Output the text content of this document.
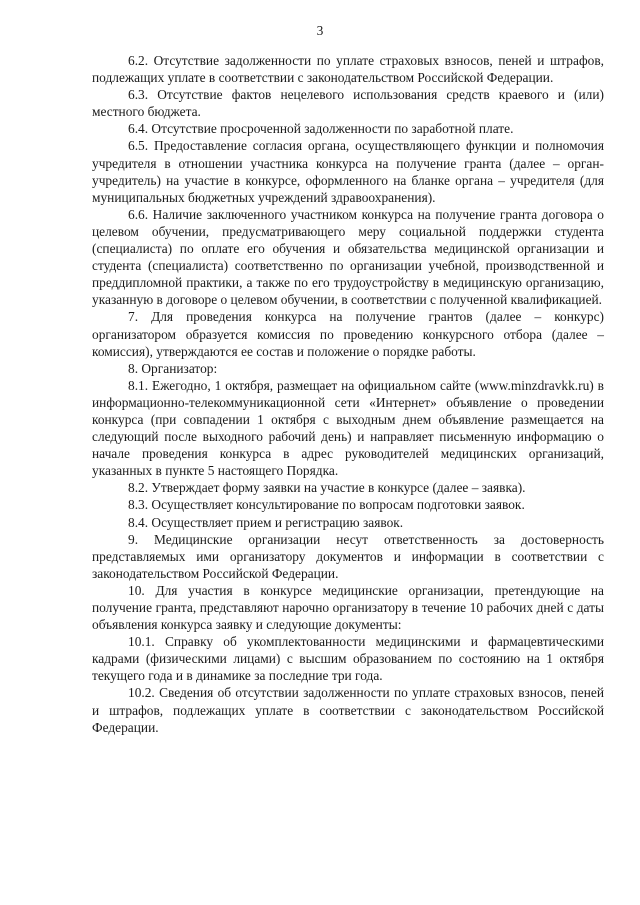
3

6.2. Отсутствие задолженности по уплате страховых взносов, пеней и штрафов, подлежащих уплате в соответствии с законодательством Российской Федерации.

6.3. Отсутствие фактов нецелевого использования средств краевого и (или) местного бюджета.

6.4. Отсутствие просроченной задолженности по заработной плате.

6.5. Предоставление согласия органа, осуществляющего функции и полномочия учредителя в отношении участника конкурса на получение гранта (далее – орган-учредитель) на участие в конкурсе, оформленного на бланке органа – учредителя (для муниципальных бюджетных учреждений здравоохранения).

6.6. Наличие заключенного участником конкурса на получение гранта договора о целевом обучении, предусматривающего меру социальной поддержки студента (специалиста) по оплате его обучения и обязательства медицинской организации и студента (специалиста) соответственно по организации учебной, производственной и преддипломной практики, а также по его трудоустройству в медицинскую организацию, указанную в договоре о целевом обучении, в соответствии с полученной квалификацией.

7. Для проведения конкурса на получение грантов (далее – конкурс) организатором образуется комиссия по проведению конкурсного отбора (далее – комиссия), утверждаются ее состав и положение о порядке работы.

8. Организатор:

8.1. Ежегодно, 1 октября, размещает на официальном сайте (www.minzdravkk.ru) в информационно-телекоммуникационной сети «Интернет» объявление о проведении конкурса (при совпадении 1 октября с выходным днем объявление размещается на следующий после выходного рабочий день) и направляет письменную информацию о начале проведения конкурса в адрес руководителей медицинских организаций, указанных в пункте 5 настоящего Порядка.

8.2. Утверждает форму заявки на участие в конкурсе (далее – заявка).

8.3. Осуществляет консультирование по вопросам подготовки заявок.

8.4. Осуществляет прием и регистрацию заявок.

9. Медицинские организации несут ответственность за достоверность представляемых ими организатору документов и информации в соответствии с законодательством Российской Федерации.

10. Для участия в конкурсе медицинские организации, претендующие на получение гранта, представляют нарочно организатору в течение 10 рабочих дней с даты объявления конкурса заявку и следующие документы:

10.1. Справку об укомплектованности медицинскими и фармацевтическими кадрами (физическими лицами) с высшим образованием по состоянию на 1 октября текущего года и в динамике за последние три года.

10.2. Сведения об отсутствии задолженности по уплате страховых взносов, пеней и штрафов, подлежащих уплате в соответствии с законодательством Российской Федерации.
